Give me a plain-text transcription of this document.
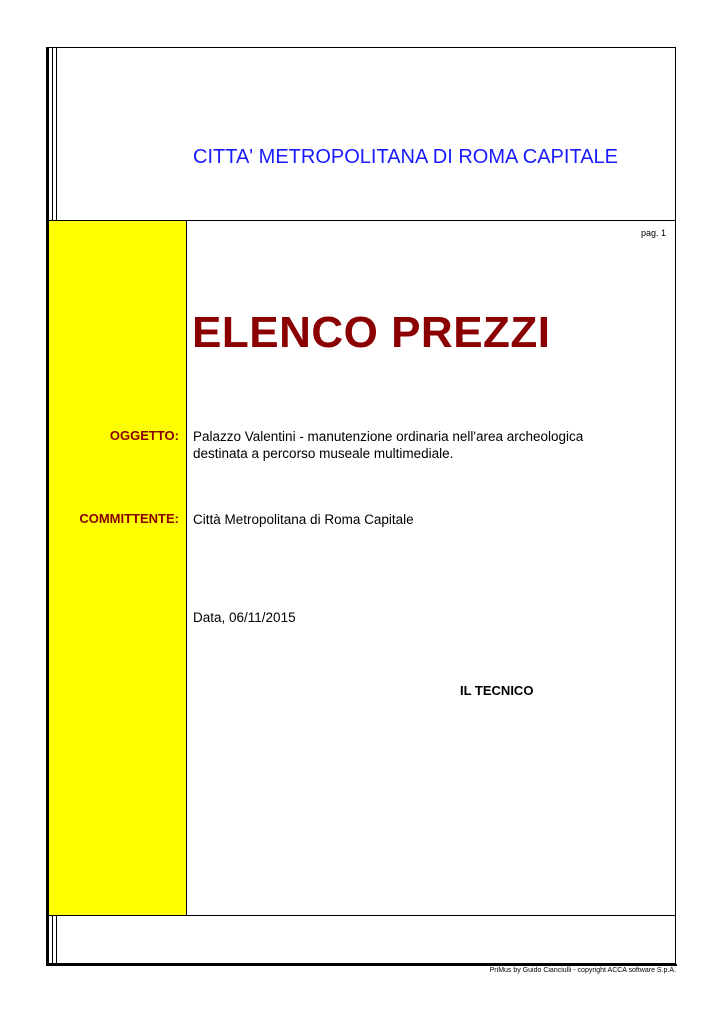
CITTA' METROPOLITANA DI ROMA CAPITALE
pag. 1
ELENCO PREZZI
OGGETTO: Palazzo Valentini - manutenzione ordinaria nell'area archeologica
destinata a percorso museale multimediale.
COMMITTENTE: Città Metropolitana di Roma Capitale
Data, 06/11/2015
IL TECNICO
PriMus by Guido Cianciulli - copyright ACCA software S.p.A.
